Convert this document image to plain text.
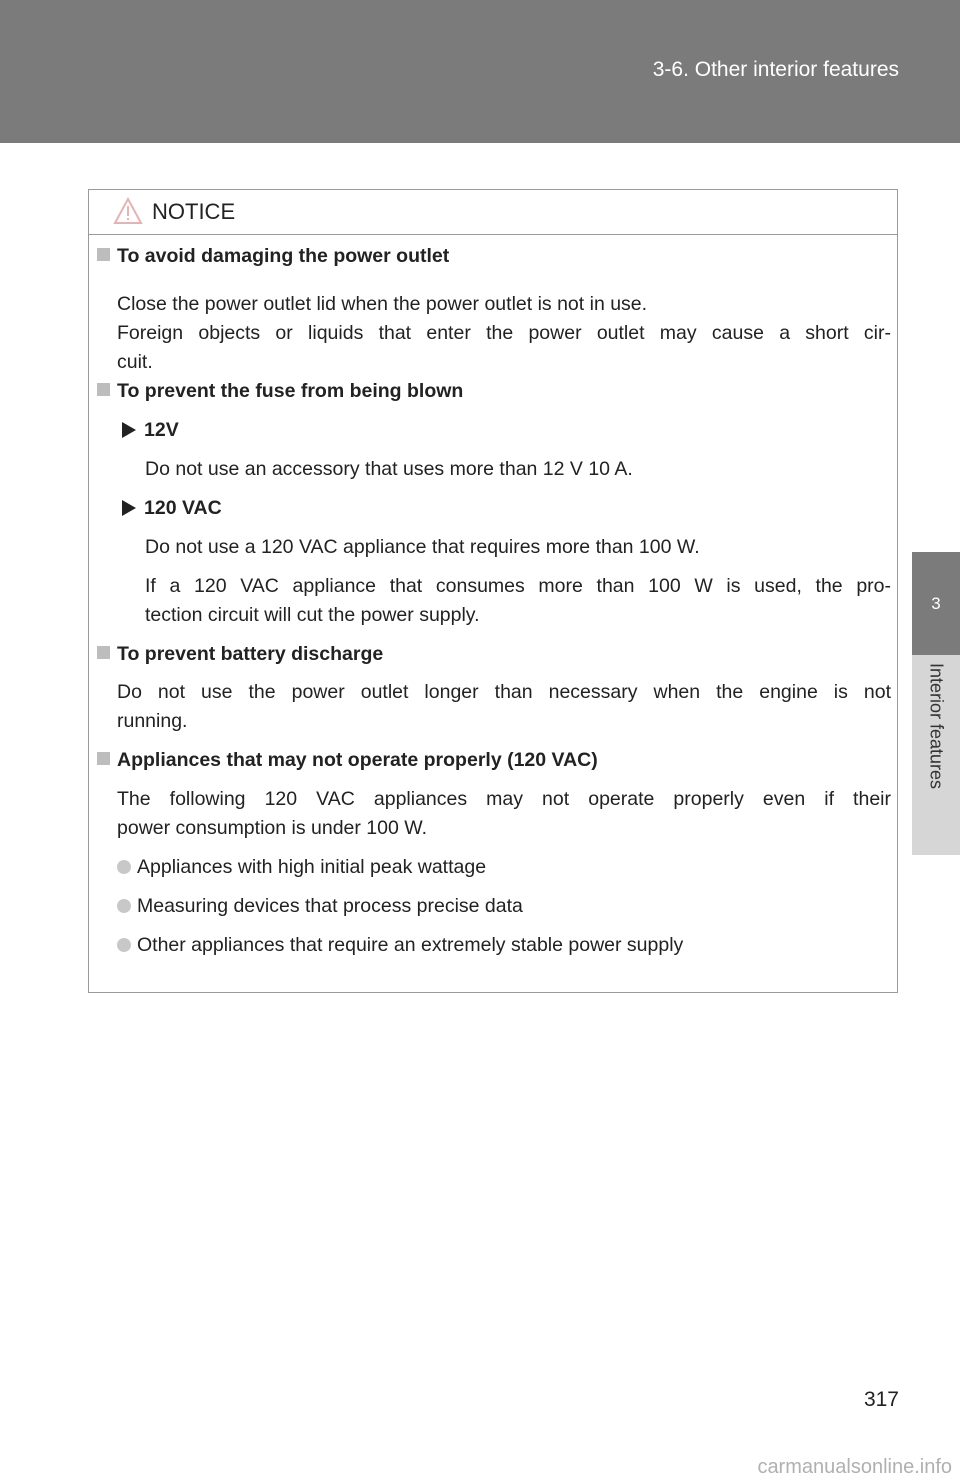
3-6. Other interior features
3
Interior features
NOTICE
To avoid damaging the power outlet
Close the power outlet lid when the power outlet is not in use.
Foreign objects or liquids that enter the power outlet may cause a short cir-
cuit.
To prevent the fuse from being blown
12V
Do not use an accessory that uses more than 12 V 10 A.
120 VAC
Do not use a 120 VAC appliance that requires more than 100 W.
If a 120 VAC appliance that consumes more than 100 W is used, the pro-
tection circuit will cut the power supply.
To prevent battery discharge
Do not use the power outlet longer than necessary when the engine is not
running.
Appliances that may not operate properly (120 VAC)
The following 120 VAC appliances may not operate properly even if their
power consumption is under 100 W.
Appliances with high initial peak wattage
Measuring devices that process precise data
Other appliances that require an extremely stable power supply
317
carmanualsonline.info
